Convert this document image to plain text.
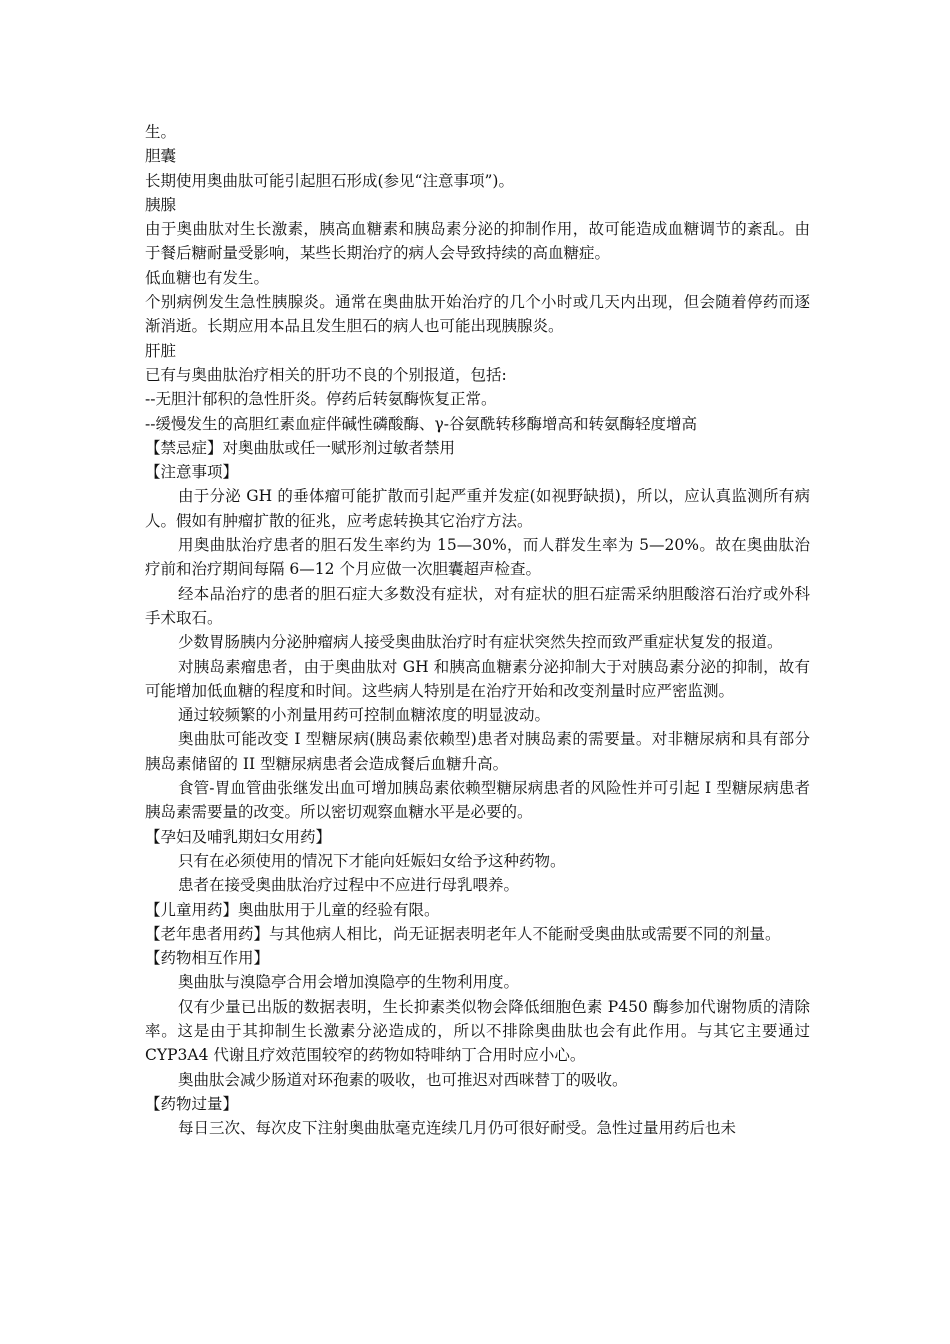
生。
胆囊
长期使用奥曲肽可能引起胆石形成(参见“注意事项”)。
胰腺
由于奥曲肽对生长激素，胰高血糖素和胰岛素分泌的抑制作用，故可能造成血糖调节的紊乱。由于餐后糖耐量受影响，某些长期治疗的病人会导致持续的高血糖症。
低血糖也有发生。
个别病例发生急性胰腺炎。通常在奥曲肽开始治疗的几个小时或几天内出现，但会随着停药而逐渐消逝。长期应用本品且发生胆石的病人也可能出现胰腺炎。
肝脏
已有与奥曲肽治疗相关的肝功不良的个别报道，包括:
--无胆汁郁积的急性肝炎。停药后转氨酶恢复正常。
--缓慢发生的高胆红素血症伴碱性磷酸酶、γ-谷氨酰转移酶增高和转氨酶轻度增高
【禁忌症】对奥曲肽或任一赋形剂过敏者禁用
【注意事项】
由于分泌 GH 的垂体瘤可能扩散而引起严重并发症(如视野缺损)，所以，应认真监测所有病人。假如有肿瘤扩散的征兆，应考虑转换其它治疗方法。
用奥曲肽治疗患者的胆石发生率约为 15—30%，而人群发生率为 5—20%。故在奥曲肽治疗前和治疗期间每隔 6—12 个月应做一次胆囊超声检查。
经本品治疗的患者的胆石症大多数没有症状，对有症状的胆石症需采纳胆酸溶石治疗或外科手术取石。
少数胃肠胰内分泌肿瘤病人接受奥曲肽治疗时有症状突然失控而致严重症状复发的报道。
对胰岛素瘤患者，由于奥曲肽对 GH 和胰高血糖素分泌抑制大于对胰岛素分泌的抑制，故有可能增加低血糖的程度和时间。这些病人特别是在治疗开始和改变剂量时应严密监测。
通过较频繁的小剂量用药可控制血糖浓度的明显波动。
奥曲肽可能改变 I 型糖尿病(胰岛素依赖型)患者对胰岛素的需要量。对非糖尿病和具有部分胰岛素储留的 II 型糖尿病患者会造成餐后血糖升高。
食管-胃血管曲张继发出血可增加胰岛素依赖型糖尿病患者的风险性并可引起 I 型糖尿病患者胰岛素需要量的改变。所以密切观察血糖水平是必要的。
【孕妇及哺乳期妇女用药】
只有在必须使用的情况下才能向妊娠妇女给予这种药物。
患者在接受奥曲肽治疗过程中不应进行母乳喂养。
【儿童用药】奥曲肽用于儿童的经验有限。
【老年患者用药】与其他病人相比，尚无证据表明老年人不能耐受奥曲肽或需要不同的剂量。
【药物相互作用】
奥曲肽与溴隐亭合用会增加溴隐亭的生物利用度。
仅有少量已出版的数据表明，生长抑素类似物会降低细胞色素 P450 酶参加代谢物质的清除率。这是由于其抑制生长激素分泌造成的，所以不排除奥曲肽也会有此作用。与其它主要通过 CYP3A4 代谢且疗效范围较窄的药物如特啡纳丁合用时应小心。
奥曲肽会减少肠道对环孢素的吸收，也可推迟对西咪替丁的吸收。
【药物过量】
每日三次、每次皮下注射奥曲肽毫克连续几月仍可很好耐受。急性过量用药后也未
